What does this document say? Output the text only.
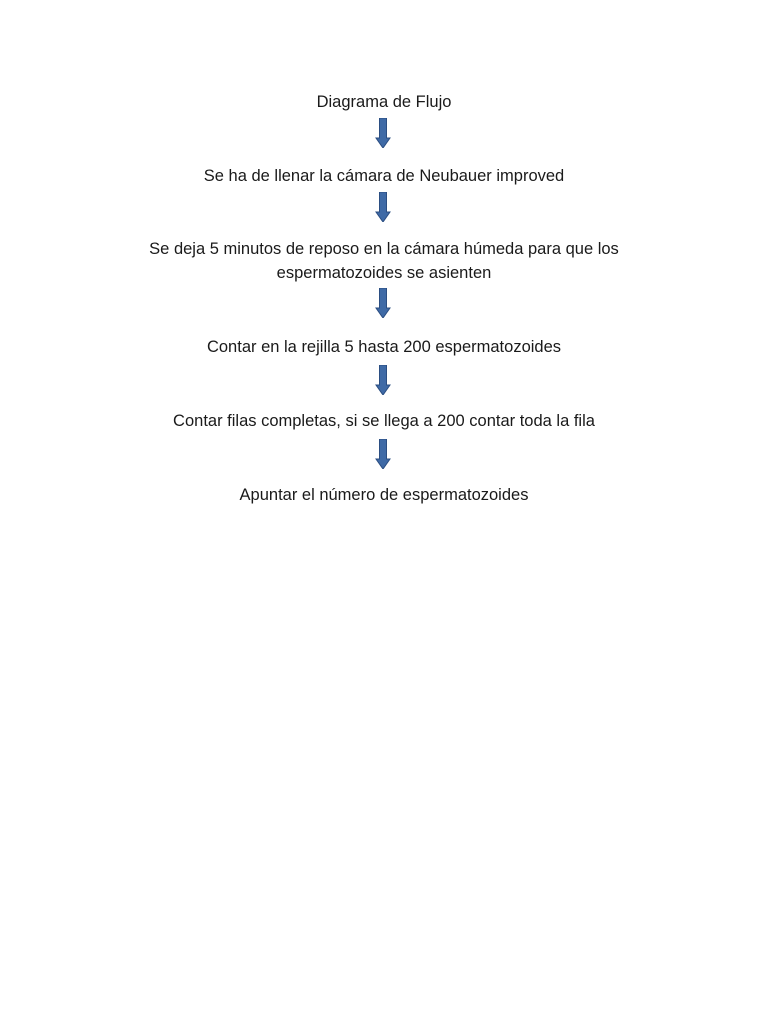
Diagrama de Flujo
Se ha de llenar la cámara de Neubauer improved
Se deja 5 minutos de reposo en la cámara húmeda para que los
espermatozoides se asienten
Contar en la rejilla 5 hasta 200 espermatozoides
Contar filas completas, si se llega a 200 contar toda la fila
Apuntar el número de espermatozoides
